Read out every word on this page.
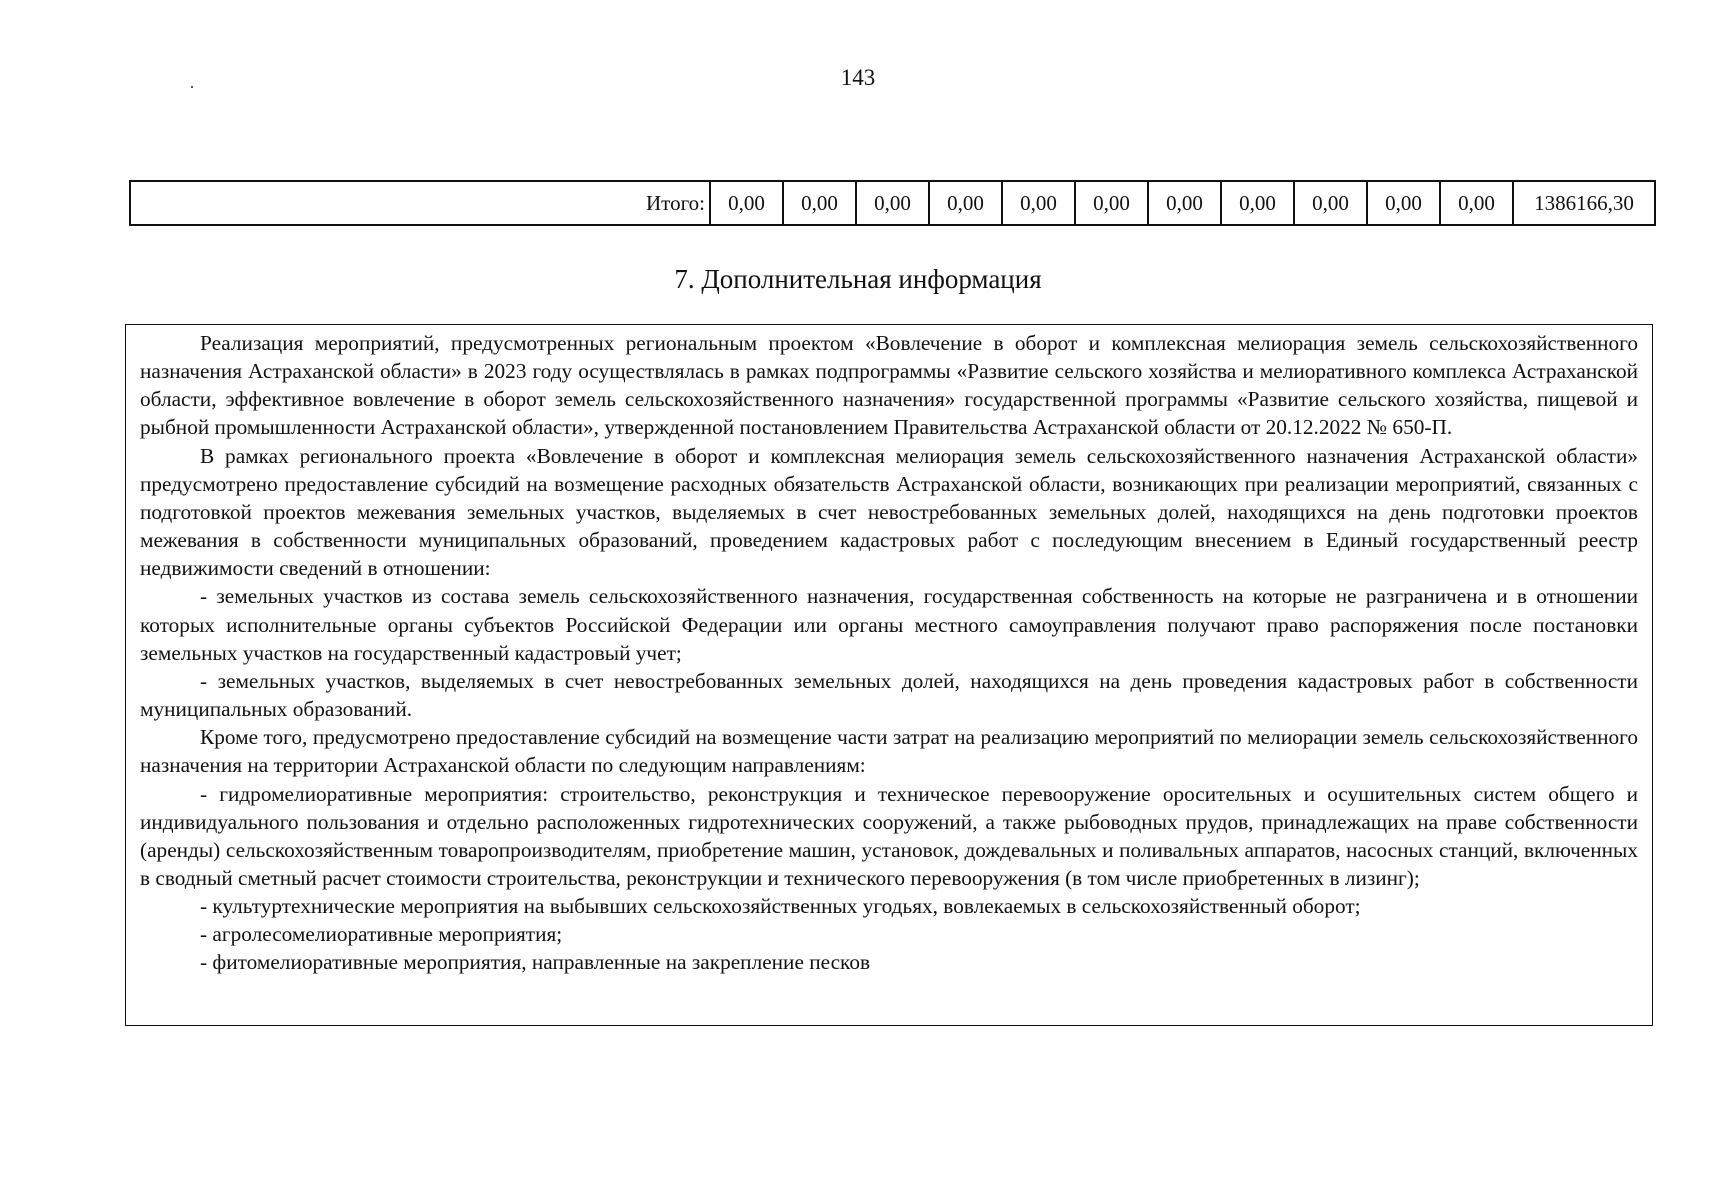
143
.
Итого:	0,00	0,00	0,00	0,00	0,00	0,00	0,00	0,00	0,00	0,00	0,00	1386166,30
7. Дополнительная информация

Реализация мероприятий, предусмотренных региональным проектом «Вовлечение в оборот и комплексная мелиорация земель сельскохозяйственного назначения Астраханской области» в 2023 году осуществлялась в рамках подпрограммы «Развитие сельского хозяйства и мелиоративного комплекса Астраханской области, эффективное вовлечение в оборот земель сельскохозяйственного назначения» государственной программы «Развитие сельского хозяйства, пищевой и рыбной промышленности Астраханской области», утвержденной постановлением Правительства Астраханской области от 20.12.2022 № 650-П.

В рамках регионального проекта «Вовлечение в оборот и комплексная мелиорация земель сельскохозяйственного назначения Астраханской области» предусмотрено предоставление субсидий на возмещение расходных обязательств Астраханской области, возникающих при реализации мероприятий, связанных с подготовкой проектов межевания земельных участков, выделяемых в счет невостребованных земельных долей, находящихся на день подготовки проектов межевания в собственности муниципальных образований, проведением кадастровых работ с последующим внесением в Единый государственный реестр недвижимости сведений в отношении:

- земельных участков из состава земель сельскохозяйственного назначения, государственная собственность на которые не разграничена и в отношении которых исполнительные органы субъектов Российской Федерации или органы местного самоуправления получают право распоряжения после постановки земельных участков на государственный кадастровый учет;

- земельных участков, выделяемых в счет невостребованных земельных долей, находящихся на день проведения кадастровых работ в собственности муниципальных образований.

Кроме того, предусмотрено предоставление субсидий на возмещение части затрат на реализацию мероприятий по мелиорации земель сельскохозяйственного назначения на территории Астраханской области по следующим направлениям:

- гидромелиоративные мероприятия: строительство, реконструкция и техническое перевооружение оросительных и осушительных систем общего и индивидуального пользования и отдельно расположенных гидротехнических сооружений, а также рыбоводных прудов, принадлежащих на праве собственности (аренды) сельскохозяйственным товаропроизводителям, приобретение машин, установок, дождевальных и поливальных аппаратов, насосных станций, включенных в сводный сметный расчет стоимости строительства, реконструкции и технического перевооружения (в том числе приобретенных в лизинг);

- культуртехнические мероприятия на выбывших сельскохозяйственных угодьях, вовлекаемых в сельскохозяйственный оборот;

- агролесомелиоративные мероприятия;

- фитомелиоративные мероприятия, направленные на закрепление песков
